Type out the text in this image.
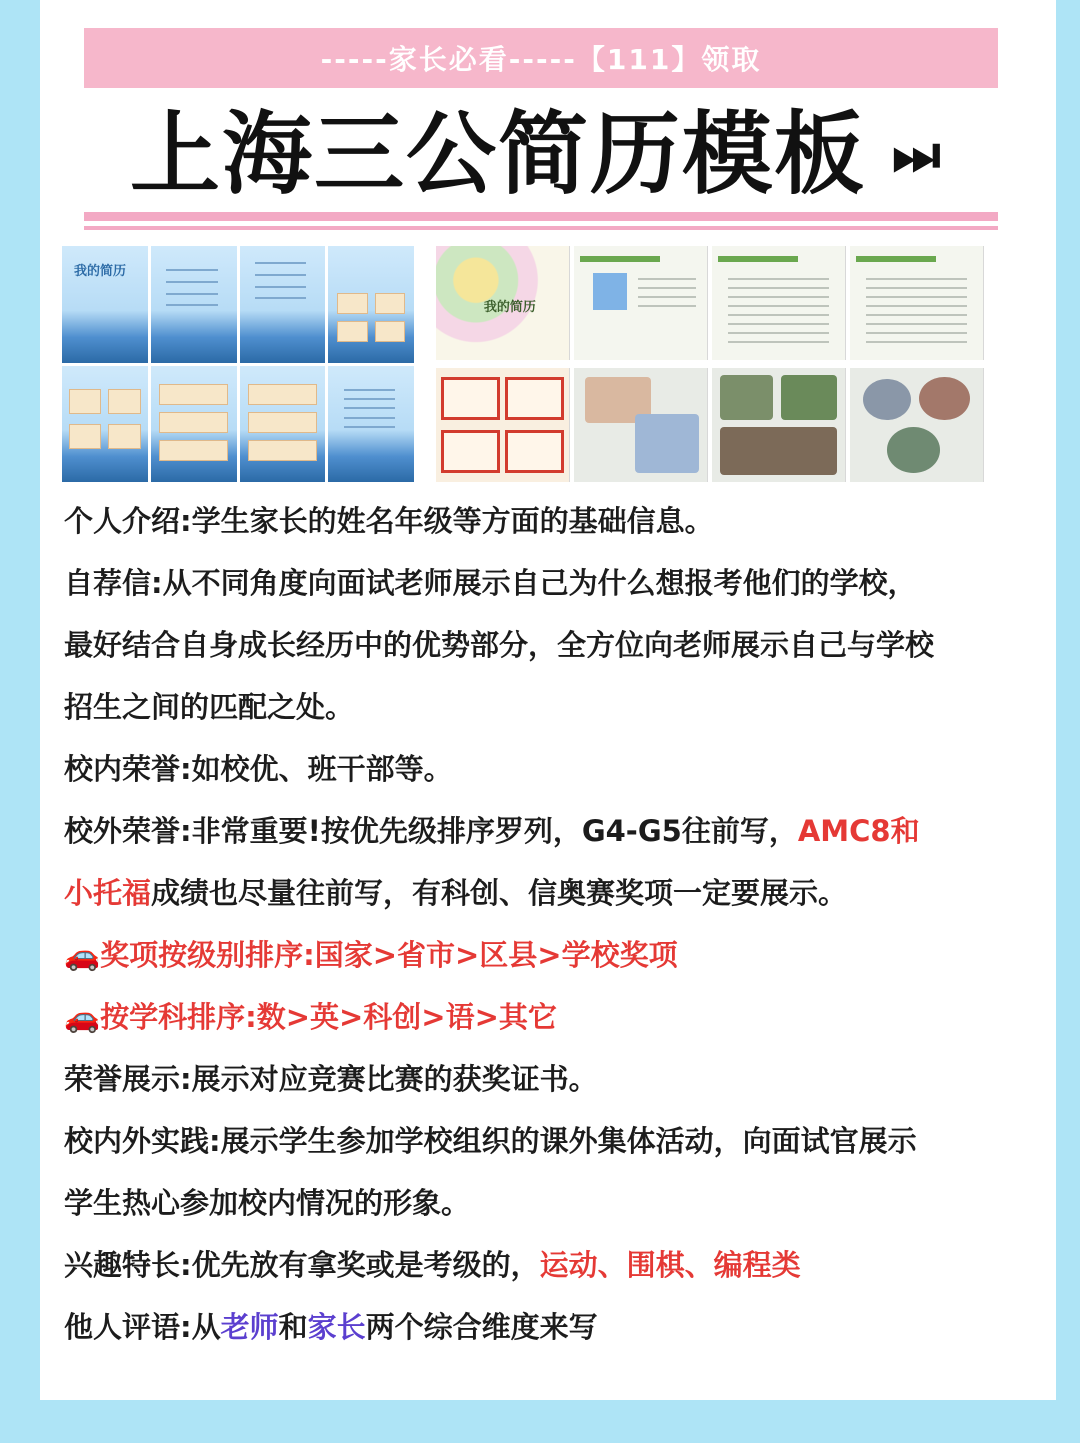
-----家长必看-----【111】领取
上海三公简历模板 ⏭
我的简历
我的简历

个人介绍:学生家长的姓名年级等方面的基础信息。

自荐信:从不同角度向面试老师展示自己为什么想报考他们的学校，

最好结合自身成长经历中的优势部分，全方位向老师展示自己与学校

招生之间的匹配之处。

校内荣誉:如校优、班干部等。

校外荣誉:非常重要!按优先级排序罗列，G4-G5往前写，AMC8和

小托福成绩也尽量往前写，有科创、信奥赛奖项一定要展示。

🚗奖项按级别排序:国家>省市>区县>学校奖项

🚗按学科排序:数>英>科创>语>其它

荣誉展示:展示对应竞赛比赛的获奖证书。

校内外实践:展示学生参加学校组织的课外集体活动，向面试官展示

学生热心参加校内情况的形象。

兴趣特长:优先放有拿奖或是考级的，运动、围棋、编程类

他人评语:从老师和家长两个综合维度来写
